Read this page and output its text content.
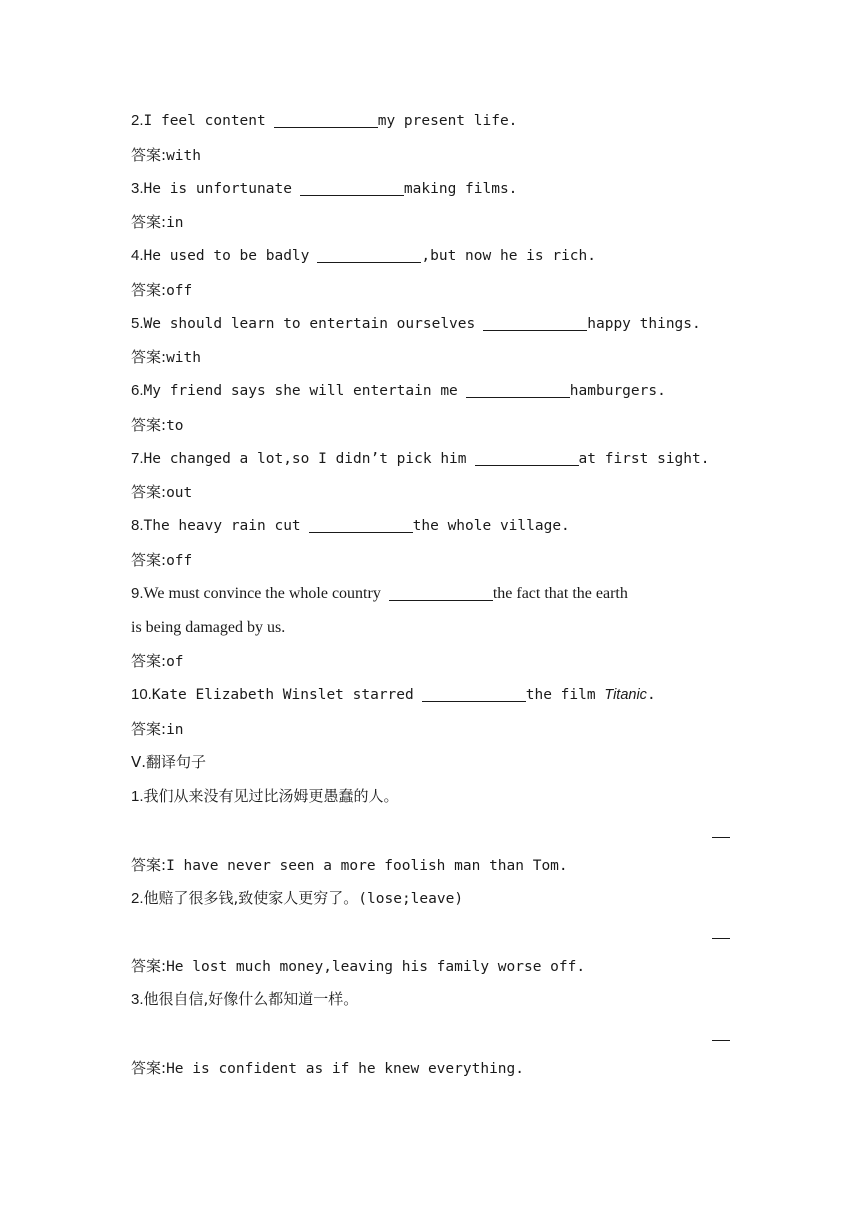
2.I feel content	my present life.
答案:with
3.He is unfortunate	making films.
答案:in
4.He used to be badly	,but now he is rich.
答案:off
5.We should learn to entertain ourselves	happy things.
答案:with
6.My friend says she will entertain me	hamburgers.
答案:to
7.He changed a lot,so I didn’t pick him	at first sight.
答案:out
8.The heavy rain cut	the whole village.
答案:off
9.We must convince the whole country	the fact that the earth
is being damaged by us.
答案:of
10.Kate Elizabeth Winslet starred	the film Titanic.
答案:in
Ⅴ.翻译句子
1.我们从来没有见过比汤姆更愚蠢的人。
答案:I have never seen a more foolish man than Tom.
2.他赔了很多钱,致使家人更穷了。(lose;leave)
答案:He lost much money,leaving his family worse off.
3.他很自信,好像什么都知道一样。
答案:He is confident as if he knew everything.
